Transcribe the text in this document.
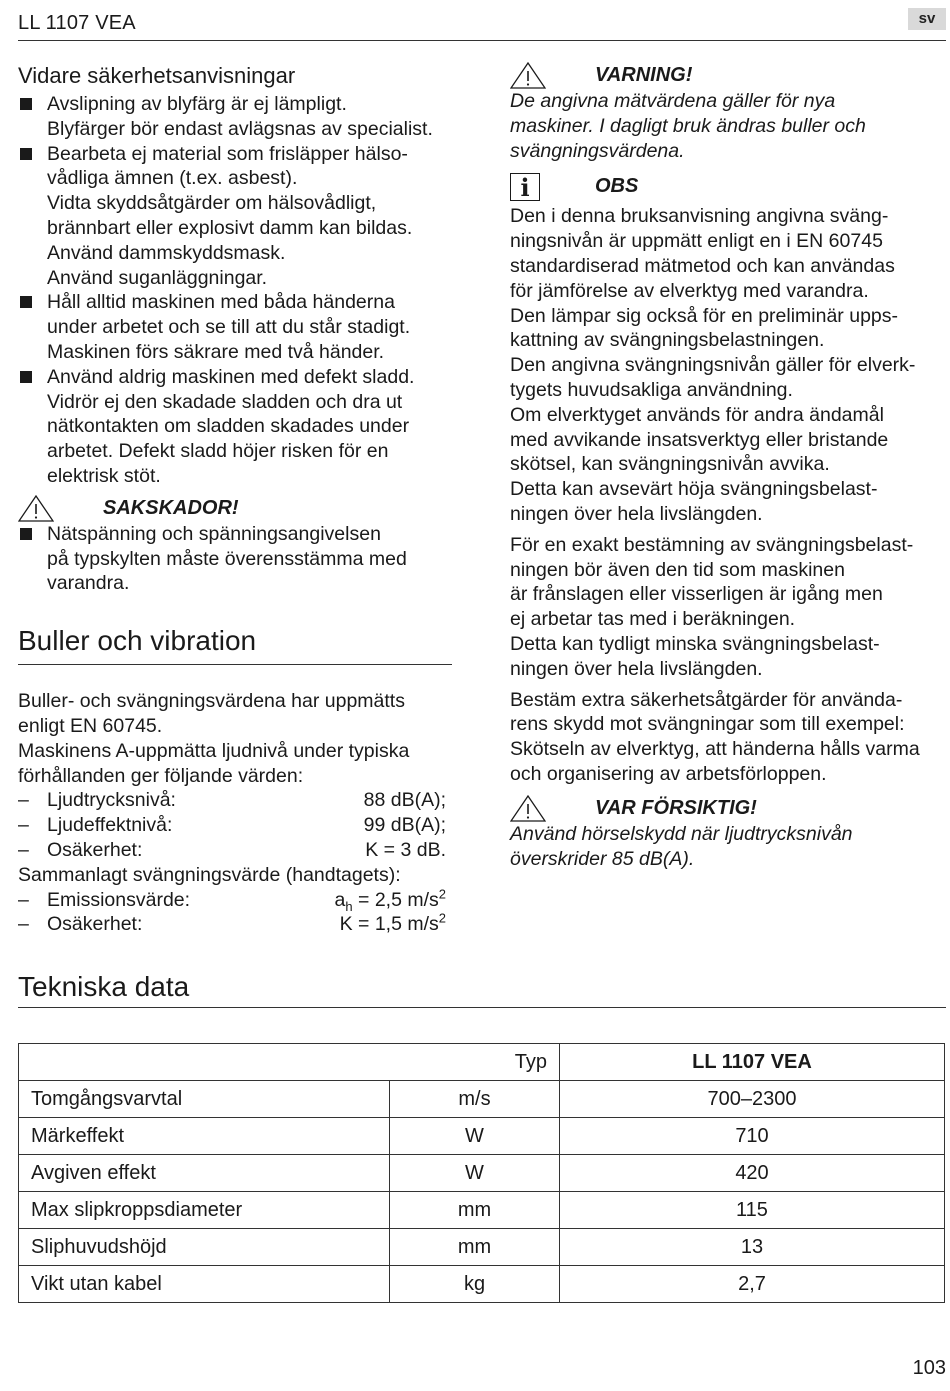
LL 1107 VEA	sv
Vidare säkerhetsanvisningar
Avslipning av blyfärg är ej lämpligt.
Blyfärger bör endast avlägsnas av specialist.
Bearbeta ej material som frisläpper hälso-
vådliga ämnen (t.ex. asbest).
Vidta skyddsåtgärder om hälsovådligt,
brännbart eller explosivt damm kan bildas.
Använd dammskyddsmask.
Använd suganläggningar.
Håll alltid maskinen med båda händerna
under arbetet och se till att du står stadigt.
Maskinen förs säkrare med två händer.
Använd aldrig maskinen med defekt sladd.
Vidrör ej den skadade sladden och dra ut
nätkontakten om sladden skadades under
arbetet. Defekt sladd höjer risken för en
elektrisk stöt.
SAKSKADOR!
Nätspänning och spänningsangivelsen
på typskylten måste överensstämma med
varandra.
Buller och vibration
Buller- och svängningsvärdena har uppmätts
enligt EN 60745.
Maskinens A-uppmätta ljudnivå under typiska
förhållanden ger följande värden:
– Ljudtrycksnivå:	88 dB(A);
– Ljudeffektnivå:	99 dB(A);
– Osäkerhet:	K = 3 dB.
Sammanlagt svängningsvärde (handtagets):
– Emissionsvärde:	$a_h = 2,5$ $m/s^2$
– Osäkerhet:	K = 1,5 $m/s^2$
VARNING!
De angivna mätvärdena gäller för nya
maskiner. I dagligt bruk ändras buller och
svängningsvärdena.
i	OBS
Den i denna bruksanvisning angivna sväng-
ningsnivån är uppmätt enligt en i EN 60745
standardiserad mätmetod och kan användas
för jämförelse av elverktyg med varandra.
Den lämpar sig också för en preliminär upps-
kattning av svängningsbelastningen.
Den angivna svängningsnivån gäller för elverk-
tygets huvudsakliga användning.
Om elverktyget används för andra ändamål
med avvikande insatsverktyg eller bristande
skötsel, kan svängningsnivån avvika.
Detta kan avsevärt höja svängningsbelast-
ningen över hela livslängden.
För en exakt bestämning av svängningsbelast-
ningen bör även den tid som maskinen
är frånslagen eller visserligen är igång men
ej arbetar tas med i beräkningen.
Detta kan tydligt minska svängningsbelast-
ningen över hela livslängden.
Bestäm extra säkerhetsåtgärder för använda-
rens skydd mot svängningar som till exempel:
Skötseln av elverktyg, att händerna hålls varma
och organisering av arbetsförloppen.
VAR FÖRSIKTIG!
Använd hörselskydd när ljudtrycksnivån
överskrider 85 dB(A).
Tekniska data
Typ		LL 1107 VEA
Tomgångsvarvtal	m/s	700–2300
Märkeffekt	W	710
Avgiven effekt	W	420
Max slipkroppsdiameter	mm	115
Sliphuvudshöjd	mm	13
Vikt utan kabel	kg	2,7
103
